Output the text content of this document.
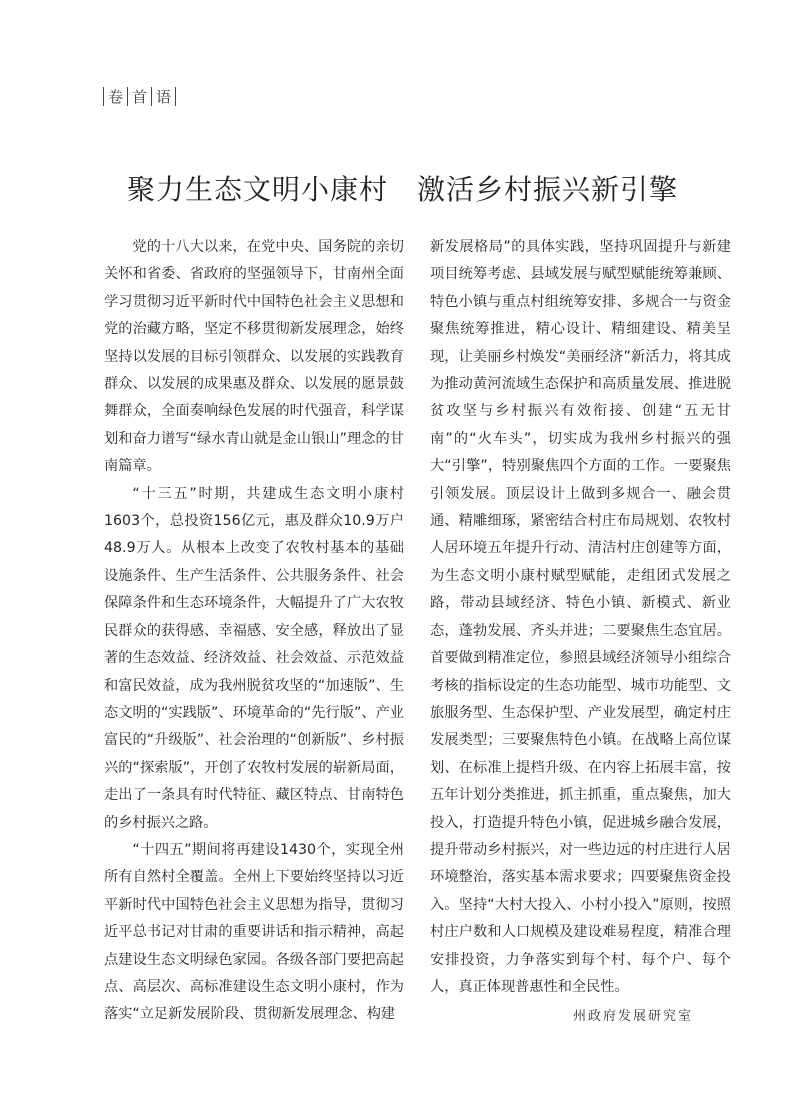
卷 首 语
聚力生态文明小康村　激活乡村振兴新引擎

党的十八大以来，在党中央、国务院的亲切关怀和省委、省政府的坚强领导下，甘南州全面学习贯彻习近平新时代中国特色社会主义思想和党的治藏方略，坚定不移贯彻新发展理念，始终坚持以发展的目标引领群众、以发展的实践教育群众、以发展的成果惠及群众、以发展的愿景鼓舞群众，全面奏响绿色发展的时代强音，科学谋划和奋力谱写“绿水青山就是金山银山”理念的甘南篇章。

“十三五”时期，共建成生态文明小康村1603个，总投资156亿元，惠及群众10.9万户48.9万人。从根本上改变了农牧村基本的基础设施条件、生产生活条件、公共服务条件、社会保障条件和生态环境条件，大幅提升了广大农牧民群众的获得感、幸福感、安全感，释放出了显著的生态效益、经济效益、社会效益、示范效益和富民效益，成为我州脱贫攻坚的“加速版”、生态文明的“实践版”、环境革命的“先行版”、产业富民的“升级版”、社会治理的“创新版”、乡村振兴的“探索版”，开创了农牧村发展的崭新局面，走出了一条具有时代特征、藏区特点、甘南特色的乡村振兴之路。

“十四五”期间将再建设1430个，实现全州所有自然村全覆盖。全州上下要始终坚持以习近平新时代中国特色社会主义思想为指导，贯彻习近平总书记对甘肃的重要讲话和指示精神，高起点建设生态文明绿色家园。各级各部门要把高起点、高层次、高标准建设生态文明小康村，作为落实“立足新发展阶段、贯彻新发展理念、构建

新发展格局”的具体实践，坚持巩固提升与新建项目统筹考虑、县域发展与赋型赋能统筹兼顾、特色小镇与重点村组统筹安排、多规合一与资金聚焦统筹推进，精心设计、精细建设、精美呈现，让美丽乡村焕发“美丽经济”新活力，将其成为推动黄河流域生态保护和高质量发展、推进脱贫攻坚与乡村振兴有效衔接、创建“五无甘南”的“火车头”，切实成为我州乡村振兴的强大“引擎”，特别聚焦四个方面的工作。一要聚焦引领发展。顶层设计上做到多规合一、融会贯通、精雕细琢，紧密结合村庄布局规划、农牧村人居环境五年提升行动、清洁村庄创建等方面，为生态文明小康村赋型赋能，走组团式发展之路，带动县域经济、特色小镇、新模式、新业态，蓬勃发展、齐头并进；二要聚焦生态宜居。首要做到精准定位，参照县域经济领导小组综合考核的指标设定的生态功能型、城市功能型、文旅服务型、生态保护型、产业发展型，确定村庄发展类型；三要聚焦特色小镇。在战略上高位谋划、在标准上提档升级、在内容上拓展丰富，按五年计划分类推进，抓主抓重，重点聚焦，加大投入，打造提升特色小镇，促进城乡融合发展，提升带动乡村振兴，对一些边远的村庄进行人居环境整治，落实基本需求要求；四要聚焦资金投入。坚持“大村大投入、小村小投入”原则，按照村庄户数和人口规模及建设难易程度，精准合理安排投资，力争落实到每个村、每个户、每个人，真正体现普惠性和全民性。

州政府发展研究室
